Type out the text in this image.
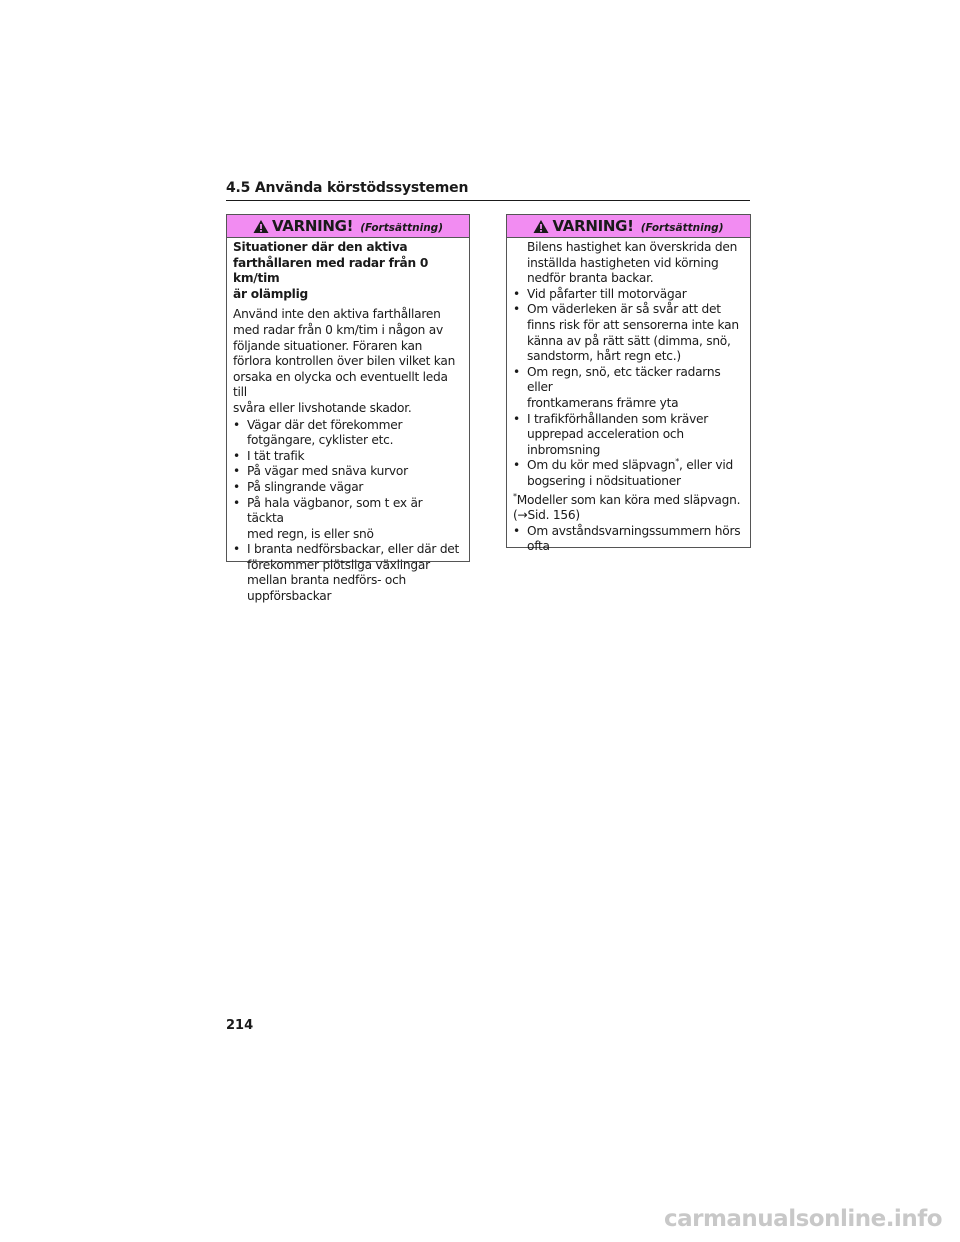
4.5 Använda körstödssystemen
VARNING! (Fortsättning)
Situationer där den aktiva
farthållaren med radar från 0 km/tim
är olämplig
Använd inte den aktiva farthållaren
med radar från 0 km/tim i någon av
följande situationer. Föraren kan
förlora kontrollen över bilen vilket kan
orsaka en olycka och eventuellt leda till
svåra eller livshotande skador.
• Vägar där det förekommer
fotgängare, cyklister etc.
• I tät trafik
• På vägar med snäva kurvor
• På slingrande vägar
• På hala vägbanor, som t ex är täckta
med regn, is eller snö
• I branta nedförsbackar, eller där det
förekommer plötsliga växlingar
mellan branta nedförs- och
uppförsbackar
VARNING! (Fortsättning)
Bilens hastighet kan överskrida den
inställda hastigheten vid körning
nedför branta backar.
• Vid påfarter till motorvägar
• Om väderleken är så svår att det
finns risk för att sensorerna inte kan
känna av på rätt sätt (dimma, snö,
sandstorm, hårt regn etc.)
• Om regn, snö, etc täcker radarns eller
frontkamerans främre yta
• I trafikförhållanden som kräver
upprepad acceleration och
inbromsning
• Om du kör med släpvagn*, eller vid
bogsering i nödsituationer
*Modeller som kan köra med släpvagn.
(→Sid. 156)
• Om avståndsvarningssummern hörs
ofta
214
carmanualsonline.info
